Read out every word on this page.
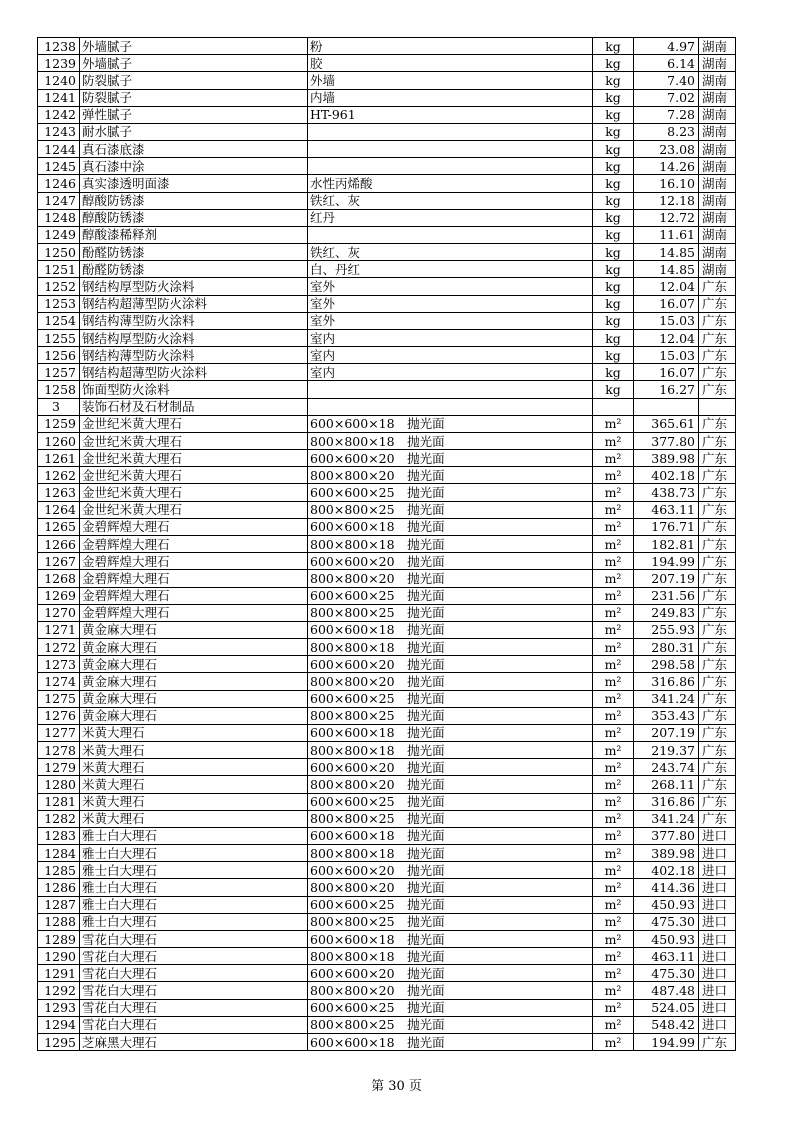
1238	外墙腻子	粉	kg	4.97	湖南
1239	外墙腻子	胶	kg	6.14	湖南
1240	防裂腻子	外墙	kg	7.40	湖南
1241	防裂腻子	内墙	kg	7.02	湖南
1242	弹性腻子	HT-961	kg	7.28	湖南
1243	耐水腻子		kg	8.23	湖南
1244	真石漆底漆		kg	23.08	湖南
1245	真石漆中涂		kg	14.26	湖南
1246	真实漆透明面漆	水性丙烯酸	kg	16.10	湖南
1247	醇酸防锈漆	铁红、灰	kg	12.18	湖南
1248	醇酸防锈漆	红丹	kg	12.72	湖南
1249	醇酸漆稀释剂		kg	11.61	湖南
1250	酚醛防锈漆	铁红、灰	kg	14.85	湖南
1251	酚醛防锈漆	白、丹红	kg	14.85	湖南
1252	钢结构厚型防火涂料	室外	kg	12.04	广东
1253	钢结构超薄型防火涂料	室外	kg	16.07	广东
1254	钢结构薄型防火涂料	室外	kg	15.03	广东
1255	钢结构厚型防火涂料	室内	kg	12.04	广东
1256	钢结构薄型防火涂料	室内	kg	15.03	广东
1257	钢结构超薄型防火涂料	室内	kg	16.07	广东
1258	饰面型防火涂料		kg	16.27	广东
3	装饰石材及石材制品				
1259	金世纪米黄大理石	600×600×18　抛光面	m²	365.61	广东
1260	金世纪米黄大理石	800×800×18　抛光面	m²	377.80	广东
1261	金世纪米黄大理石	600×600×20　抛光面	m²	389.98	广东
1262	金世纪米黄大理石	800×800×20　抛光面	m²	402.18	广东
1263	金世纪米黄大理石	600×600×25　抛光面	m²	438.73	广东
1264	金世纪米黄大理石	800×800×25　抛光面	m²	463.11	广东
1265	金碧辉煌大理石	600×600×18　抛光面	m²	176.71	广东
1266	金碧辉煌大理石	800×800×18　抛光面	m²	182.81	广东
1267	金碧辉煌大理石	600×600×20　抛光面	m²	194.99	广东
1268	金碧辉煌大理石	800×800×20　抛光面	m²	207.19	广东
1269	金碧辉煌大理石	600×600×25　抛光面	m²	231.56	广东
1270	金碧辉煌大理石	800×800×25　抛光面	m²	249.83	广东
1271	黄金麻大理石	600×600×18　抛光面	m²	255.93	广东
1272	黄金麻大理石	800×800×18　抛光面	m²	280.31	广东
1273	黄金麻大理石	600×600×20　抛光面	m²	298.58	广东
1274	黄金麻大理石	800×800×20　抛光面	m²	316.86	广东
1275	黄金麻大理石	600×600×25　抛光面	m²	341.24	广东
1276	黄金麻大理石	800×800×25　抛光面	m²	353.43	广东
1277	米黄大理石	600×600×18　抛光面	m²	207.19	广东
1278	米黄大理石	800×800×18　抛光面	m²	219.37	广东
1279	米黄大理石	600×600×20　抛光面	m²	243.74	广东
1280	米黄大理石	800×800×20　抛光面	m²	268.11	广东
1281	米黄大理石	600×600×25　抛光面	m²	316.86	广东
1282	米黄大理石	800×800×25　抛光面	m²	341.24	广东
1283	雅士白大理石	600×600×18　抛光面	m²	377.80	进口
1284	雅士白大理石	800×800×18　抛光面	m²	389.98	进口
1285	雅士白大理石	600×600×20　抛光面	m²	402.18	进口
1286	雅士白大理石	800×800×20　抛光面	m²	414.36	进口
1287	雅士白大理石	600×600×25　抛光面	m²	450.93	进口
1288	雅士白大理石	800×800×25　抛光面	m²	475.30	进口
1289	雪花白大理石	600×600×18　抛光面	m²	450.93	进口
1290	雪花白大理石	800×800×18　抛光面	m²	463.11	进口
1291	雪花白大理石	600×600×20　抛光面	m²	475.30	进口
1292	雪花白大理石	800×800×20　抛光面	m²	487.48	进口
1293	雪花白大理石	600×600×25　抛光面	m²	524.05	进口
1294	雪花白大理石	800×800×25　抛光面	m²	548.42	进口
1295	芝麻黑大理石	600×600×18　抛光面	m²	194.99	广东
第 30 页
